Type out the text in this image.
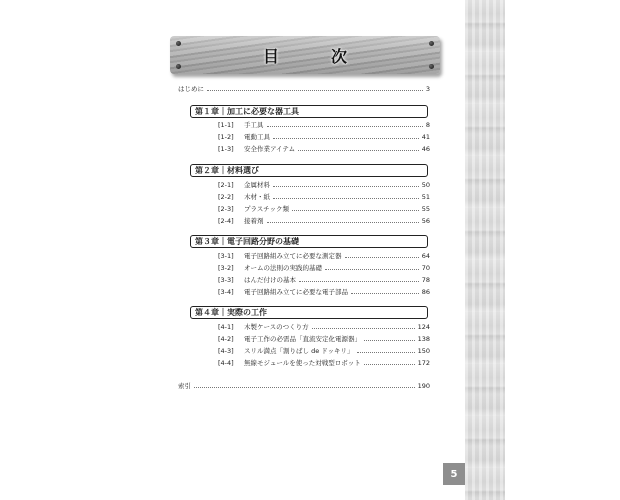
目　次
はじめに	3
第１章｜加工に必要な器工具
[1-1] 手工具	8
[1-2] 電動工具	41
[1-3] 安全作業アイテム	46
第２章｜材料選び
[2-1] 金属材料	50
[2-2] 木材・紙	51
[2-3] プラスチック類	55
[2-4] 接着剤	56
第３章｜電子回路分野の基礎
[3-1] 電子回路組み立てに必要な測定器	64
[3-2] オームの法則の実践的基礎	70
[3-3] はんだ付けの基本	78
[3-4] 電子回路組み立てに必要な電子部品	86
第４章｜実際の工作
[4-1] 木製ケースのつくり方	124
[4-2] 電子工作の必需品「直流安定化電源器」	138
[4-3] スリル満点「割りばし de ドッキリ」	150
[4-4] 無線モジュールを使った対戦型ロボット	172
索引	190
5
